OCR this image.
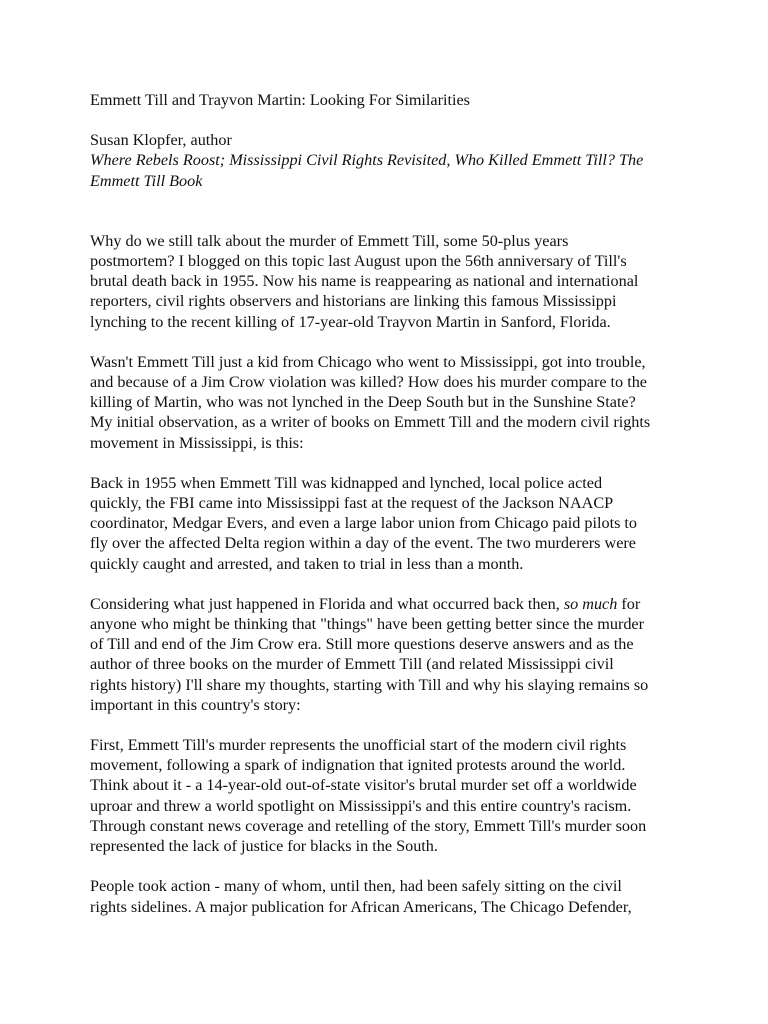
Emmett Till and Trayvon Martin: Looking For Similarities
Susan Klopfer, author
Where Rebels Roost; Mississippi Civil Rights Revisited, Who Killed Emmett Till? The
Emmett Till Book
Why do we still talk about the murder of Emmett Till, some 50-plus years
postmortem? I blogged on this topic last August upon the 56th anniversary of Till's
brutal death back in 1955. Now his name is reappearing as national and international
reporters, civil rights observers and historians are linking this famous Mississippi
lynching to the recent killing of 17-year-old Trayvon Martin in Sanford, Florida.
Wasn't Emmett Till just a kid from Chicago who went to Mississippi, got into trouble,
and because of a Jim Crow violation was killed? How does his murder compare to the
killing of Martin, who was not lynched in the Deep South but in the Sunshine State?
My initial observation, as a writer of books on Emmett Till and the modern civil rights
movement in Mississippi, is this:
Back in 1955 when Emmett Till was kidnapped and lynched, local police acted
quickly, the FBI came into Mississippi fast at the request of the Jackson NAACP
coordinator, Medgar Evers, and even a large labor union from Chicago paid pilots to
fly over the affected Delta region within a day of the event. The two murderers were
quickly caught and arrested, and taken to trial in less than a month.
Considering what just happened in Florida and what occurred back then, so much for
anyone who might be thinking that "things" have been getting better since the murder
of Till and end of the Jim Crow era. Still more questions deserve answers and as the
author of three books on the murder of Emmett Till (and related Mississippi civil
rights history) I'll share my thoughts, starting with Till and why his slaying remains so
important in this country's story:
First, Emmett Till's murder represents the unofficial start of the modern civil rights
movement, following a spark of indignation that ignited protests around the world.
Think about it - a 14-year-old out-of-state visitor's brutal murder set off a worldwide
uproar and threw a world spotlight on Mississippi's and this entire country's racism.
Through constant news coverage and retelling of the story, Emmett Till's murder soon
represented the lack of justice for blacks in the South.
People took action - many of whom, until then, had been safely sitting on the civil
rights sidelines. A major publication for African Americans, The Chicago Defender,
